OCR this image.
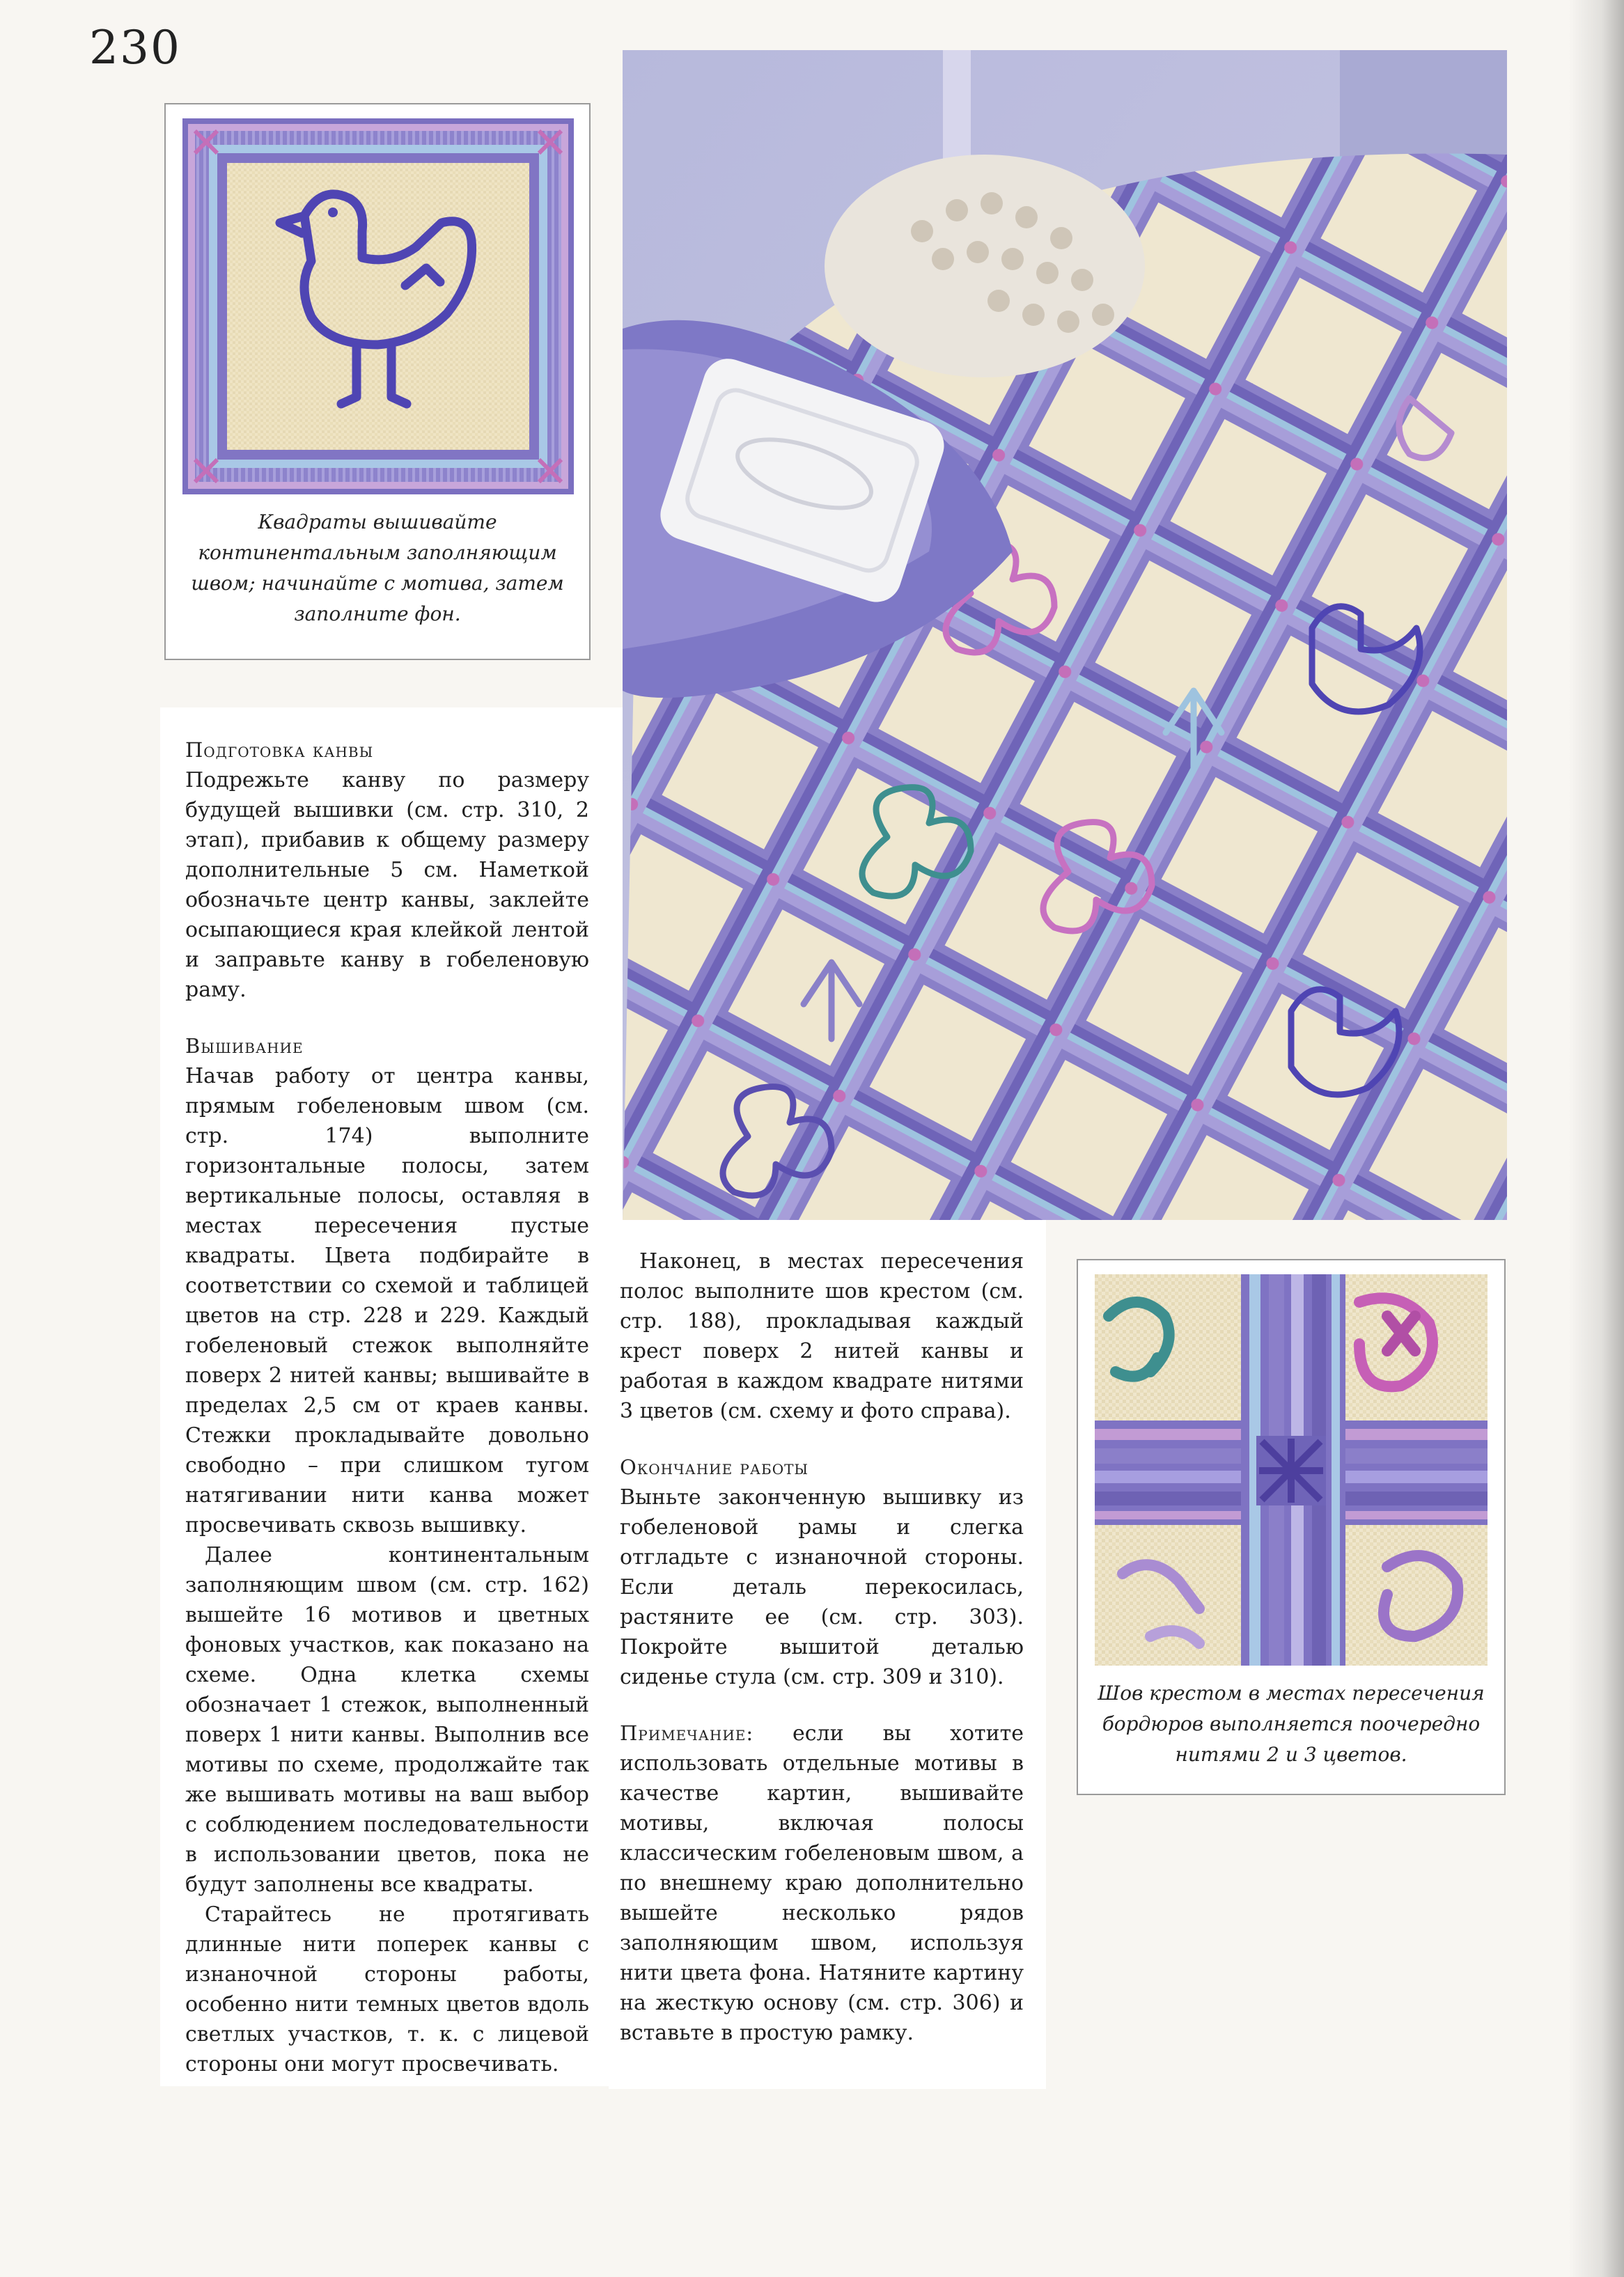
230
Квадраты вышивайте
континентальным заполняющим
швом; начинайте с мотива, затем
заполните фон.
Шов крестом в местах пересечения
бордюров выполняется поочередно
нитями 2 и 3 цветов.

Подготовка канвы

Подрежьте канву по размеру будущей вышивки (см. стр. 310, 2 этап), прибавив к общему размеру дополнительные 5 см. Наметкой обозначьте центр канвы, заклейте осыпающиеся края клейкой лентой и заправьте канву в гобеленовую раму.

Вышивание

Начав работу от центра канвы, прямым гобеленовым швом (см. стр. 174) выполните горизонтальные полосы, затем вертикальные полосы, оставляя в местах пересечения пустые квадраты. Цвета подбирайте в соответствии со схемой и таблицей цветов на стр. 228 и 229. Каждый гобеленовый стежок выполняйте поверх 2 нитей канвы; вышивайте в пределах 2,5 см от краев канвы. Стежки прокладывайте довольно свободно – при слишком тугом натягивании нити канва может просвечивать сквозь вышивку.

Далее континентальным заполняющим швом (см. стр. 162) вышейте 16 мотивов и цветных фоновых участков, как показано на схеме. Одна клетка схемы обозначает 1 стежок, выполненный поверх 1 нити канвы. Выполнив все мотивы по схеме, продолжайте так же вышивать мотивы на ваш выбор с соблюдением последовательности в использовании цветов, пока не будут заполнены все квадраты.

Старайтесь не протягивать длинные нити поперек канвы с изнаночной стороны работы, особенно нити темных цветов вдоль светлых участков, т. к. с лицевой стороны они могут просвечивать.

Наконец, в местах пересечения полос выполните шов крестом (см. стр. 188), прокладывая каждый крест поверх 2 нитей канвы и работая в каждом квадрате нитями 3 цветов (см. схему и фото справа).

Окончание работы

Выньте законченную вышивку из гобеленовой рамы и слегка отгладьте с изнаночной стороны. Если деталь перекосилась, растяните ее (см. стр. 303). Покройте вышитой деталью сиденье стула (см. стр. 309 и 310).

Примечание: если вы хотите использовать отдельные мотивы в качестве картин, вышивайте мотивы, включая полосы классическим гобеленовым швом, а по внешнему краю дополнительно вышейте несколько рядов заполняющим швом, используя нити цвета фона. Натяните картину на жесткую основу (см. стр. 306) и вставьте в простую рамку.
